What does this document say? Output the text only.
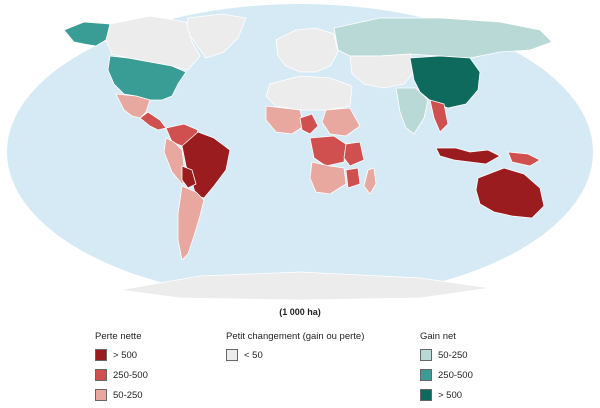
(1 000 ha)
Perte nette
> 500
250-500
50-250
Petit changement (gain ou perte)
< 50
Gain net
50-250
250-500
> 500
